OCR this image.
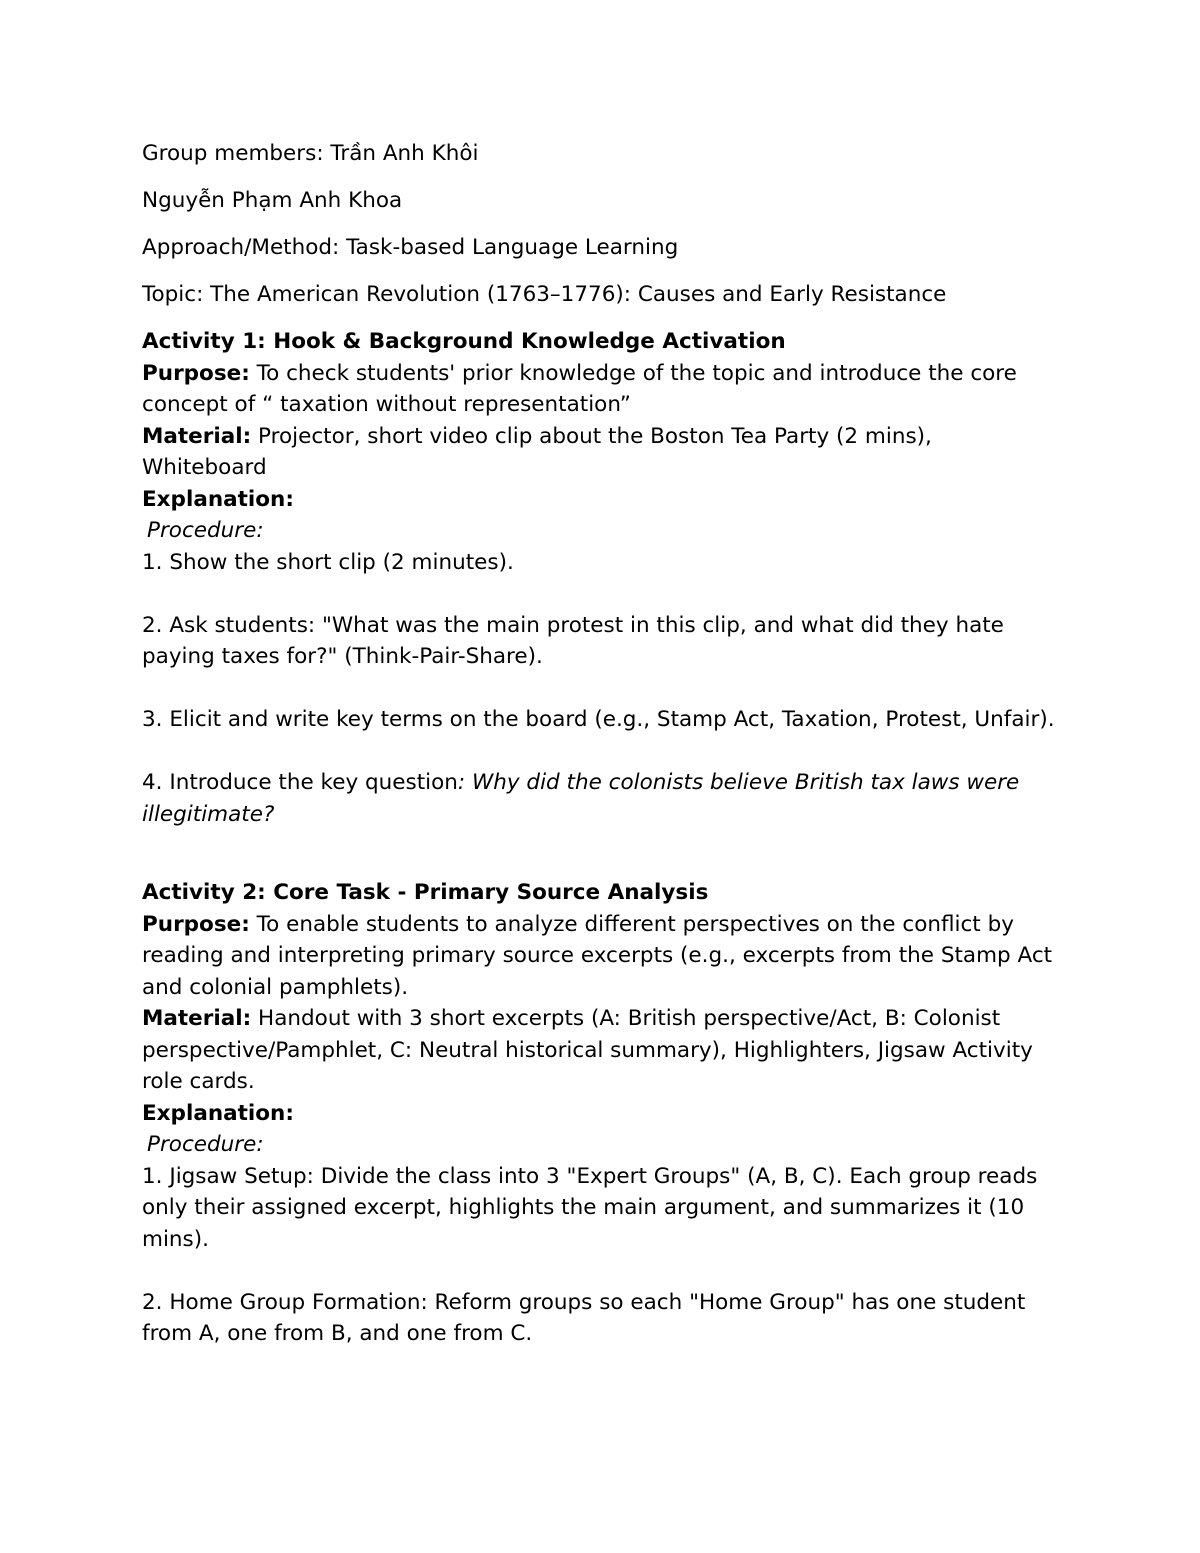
Group members: Trần Anh Khôi

Nguyễn Phạm Anh Khoa

Approach/Method: Task-based Language Learning

Topic: The American Revolution (1763–1776): Causes and Early Resistance

Activity 1: Hook & Background Knowledge Activation

Purpose: To check students' prior knowledge of the topic and introduce the core concept of “ taxation without representation”

Material: Projector, short video clip about the Boston Tea Party (2 mins), Whiteboard

Explanation:

Procedure:

1. Show the short clip (2 minutes).

2. Ask students: "What was the main protest in this clip, and what did they hate paying taxes for?" (Think-Pair-Share).

3. Elicit and write key terms on the board (e.g., Stamp Act, Taxation, Protest, Unfair).

4. Introduce the key question: Why did the colonists believe British tax laws were illegitimate?

Activity 2: Core Task - Primary Source Analysis

Purpose: To enable students to analyze different perspectives on the conflict by reading and interpreting primary source excerpts (e.g., excerpts from the Stamp Act and colonial pamphlets).

Material: Handout with 3 short excerpts (A: British perspective/Act, B: Colonist perspective/Pamphlet, C: Neutral historical summary), Highlighters, Jigsaw Activity role cards.

Explanation:

Procedure:

1. Jigsaw Setup: Divide the class into 3 "Expert Groups" (A, B, C). Each group reads only their assigned excerpt, highlights the main argument, and summarizes it (10 mins).

2. Home Group Formation: Reform groups so each "Home Group" has one student from A, one from B, and one from C.
